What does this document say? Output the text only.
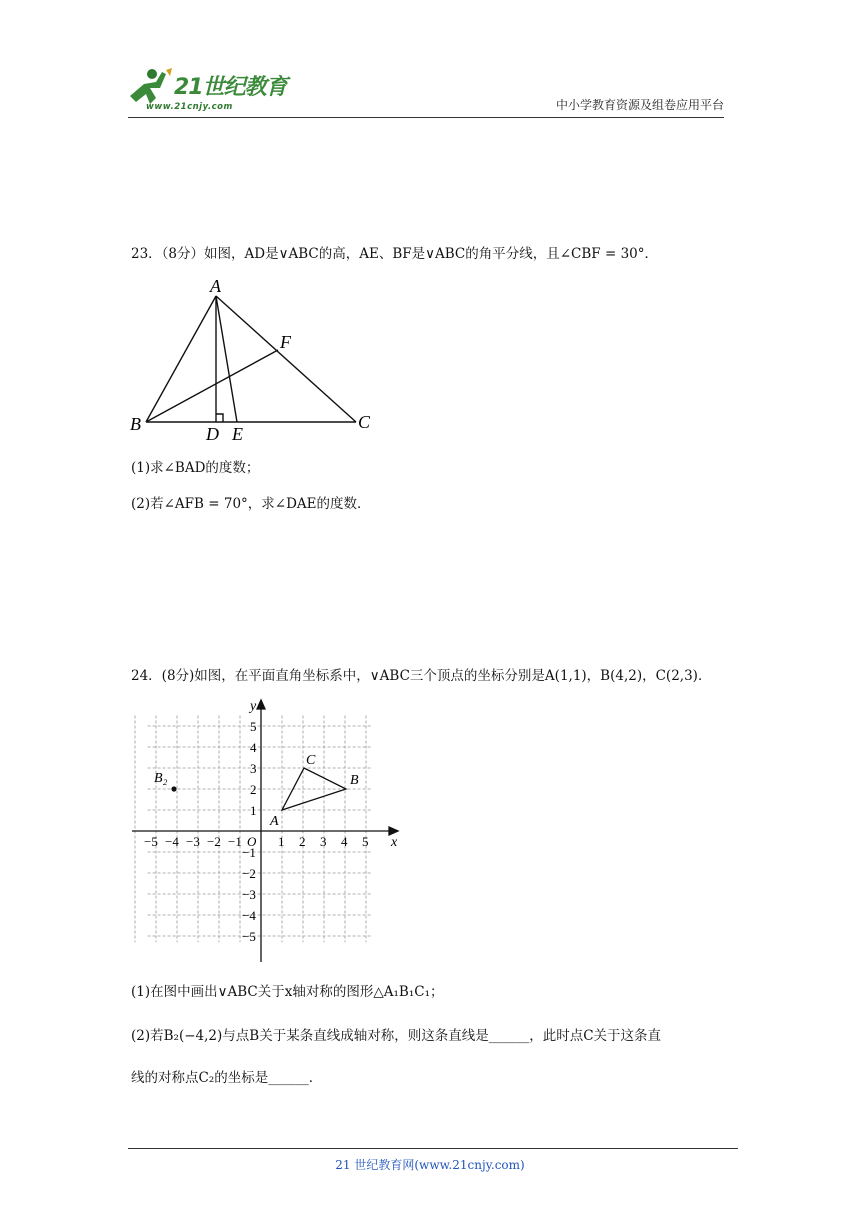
21世纪教育
www.21cnjy.com	中小学教育资源及组卷应用平台
23．（8分）如图，AD是∨ABC的高，AE、BF是∨ABC的角平分线，且∠CBF = 30°．
A
B	C
D E
F
(1)求∠BAD的度数；
(2)若∠AFB = 70°，求∠DAE的度数．
24．(8分)如图，在平面直角坐标系中，∨ABC三个顶点的坐标分别是A(1,1)，B(4,2)，C(2,3)．
x
y
O
−5 −4 −3 −2 −1	1 2 3 4 5
5
4
3
2
1
−1
−2
−3
−4
−5
A
B
C
B₂
(1)在图中画出∨ABC关于x轴对称的图形△A₁B₁C₁；
(2)若B₂(−4,2)与点B关于某条直线成轴对称，则这条直线是______，此时点C关于这条直
线的对称点C₂的坐标是______．
21 世纪教育网(www.21cnjy.com)
